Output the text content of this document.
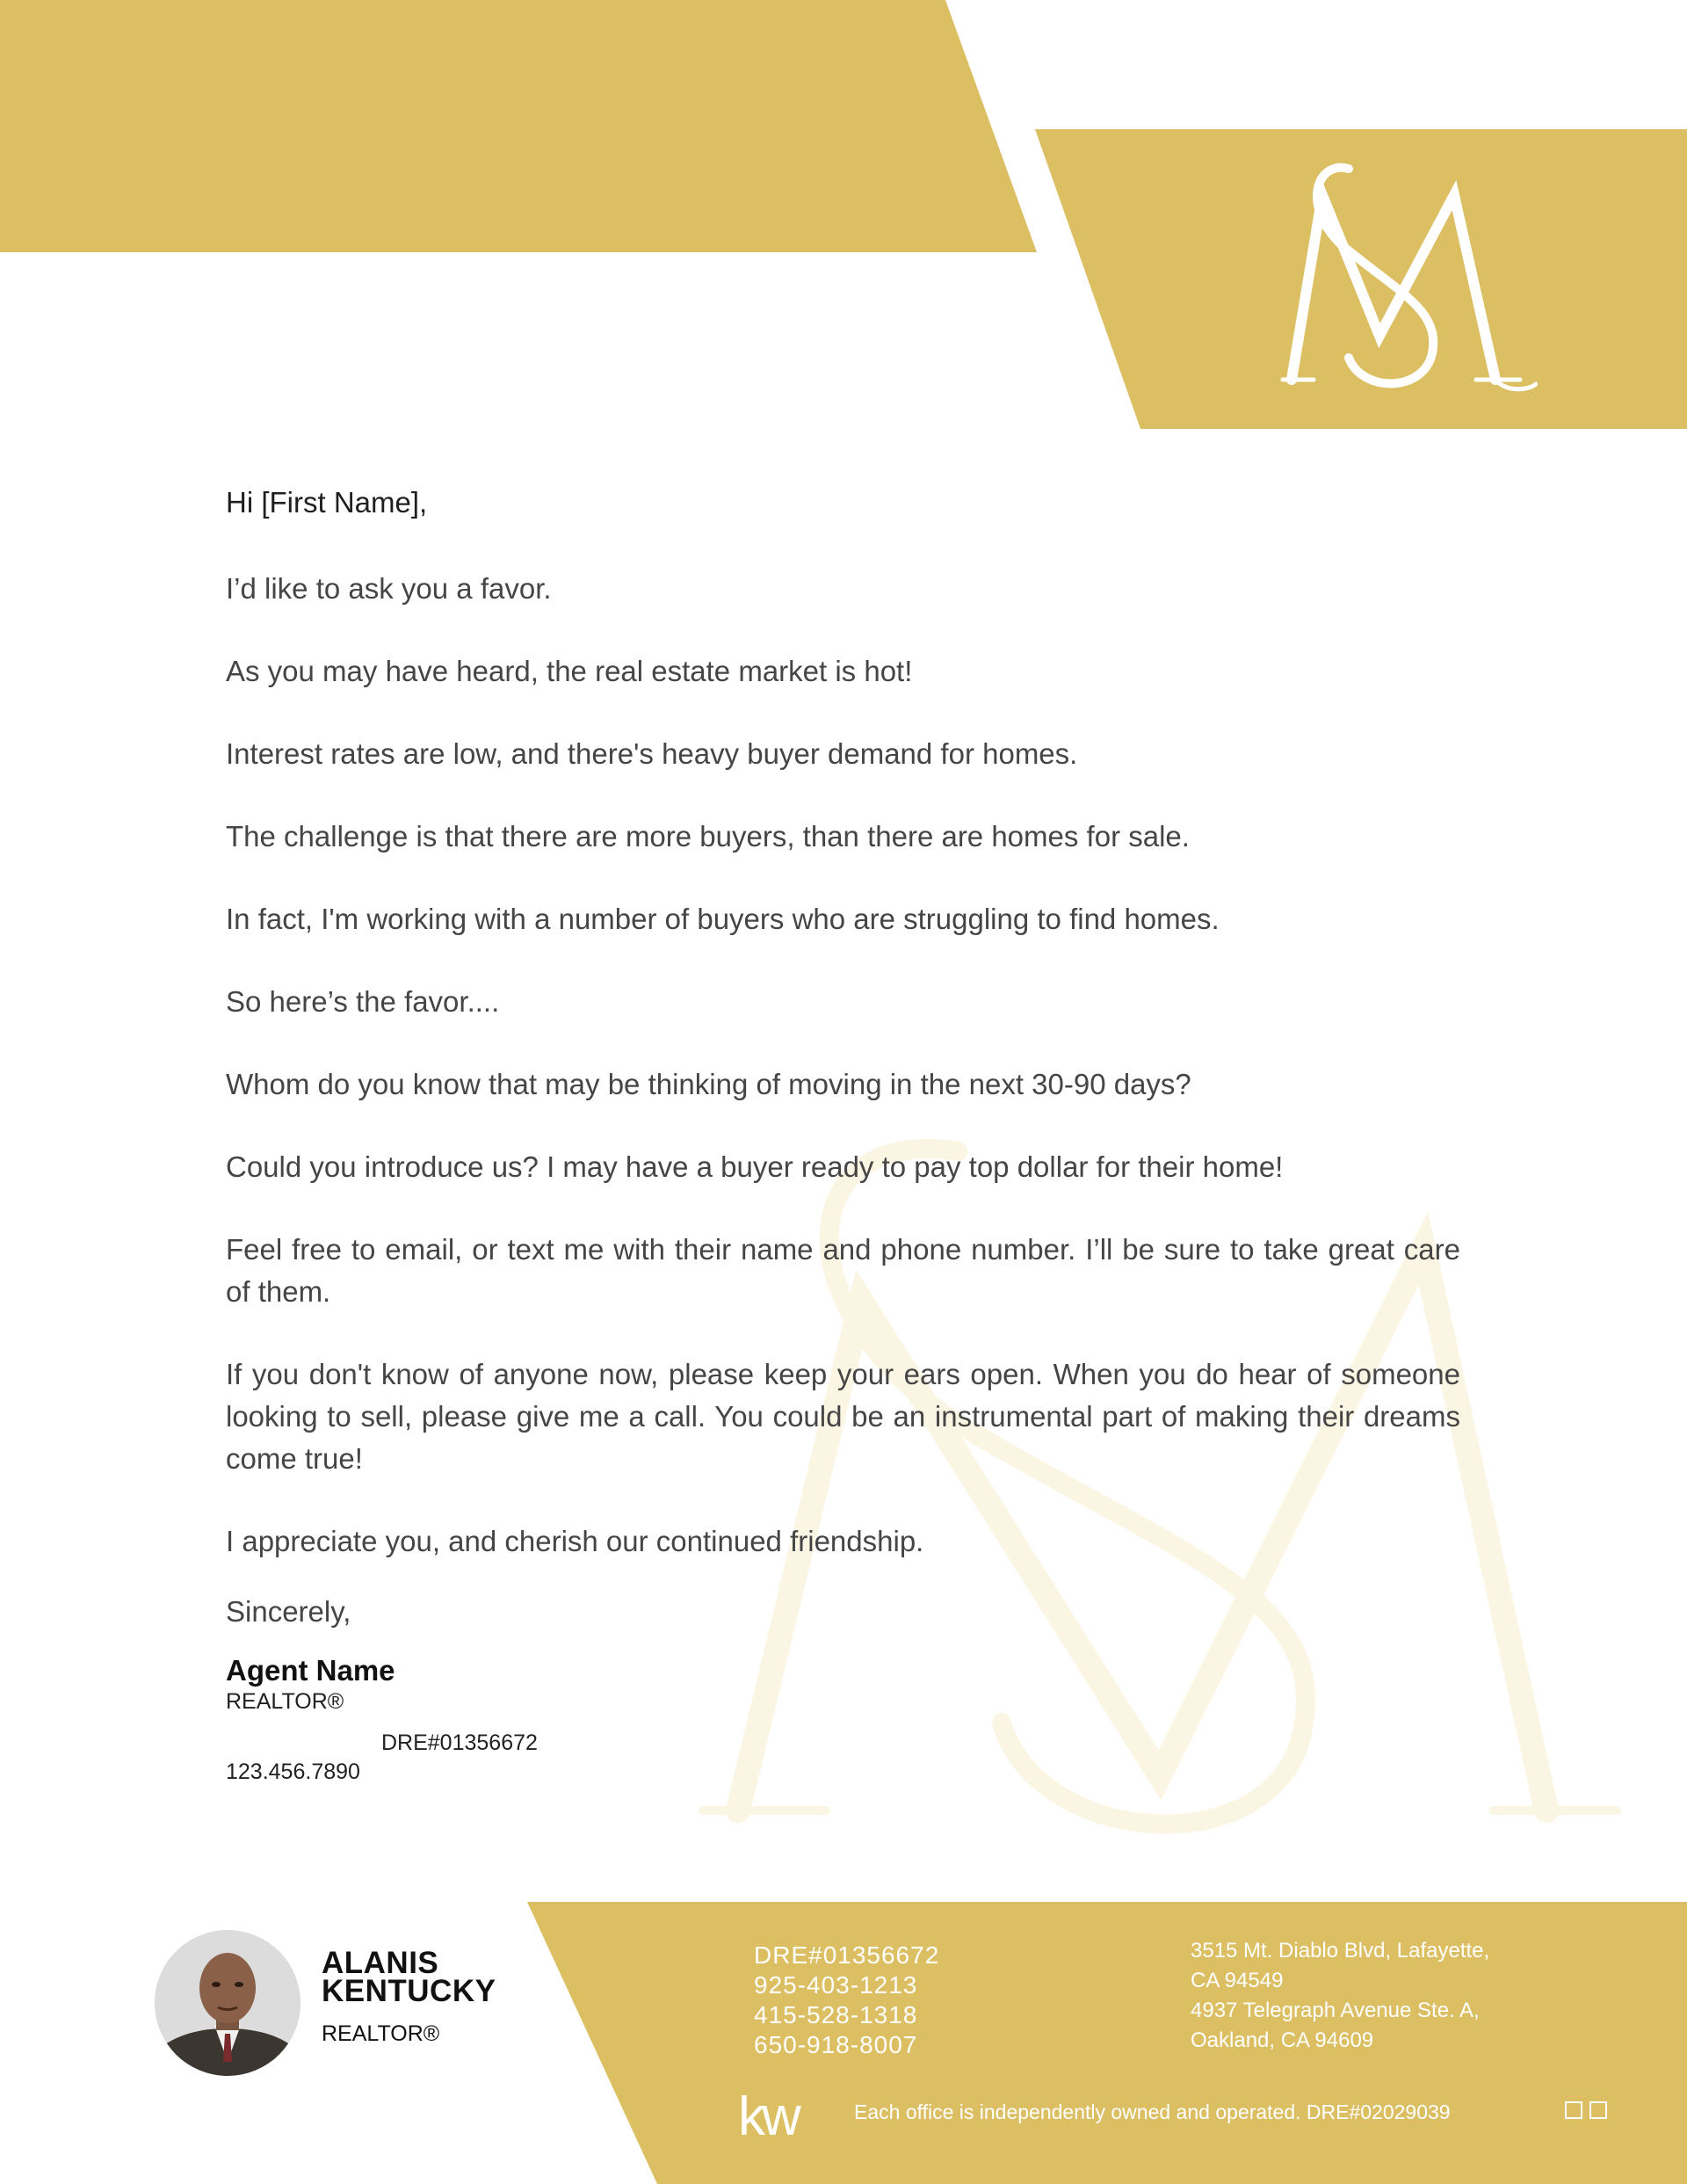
Hi [First Name],

I’d like to ask you a favor.

As you may have heard, the real estate market is hot!

Interest rates are low, and there's heavy buyer demand for homes.

The challenge is that there are more buyers, than there are homes for sale.

In fact, I'm working with a number of buyers who are struggling to find homes.

So here’s the favor....

Whom do you know that may be thinking of moving in the next 30-90 days?

Could you introduce us? I may have a buyer ready to pay top dollar for their home!

Feel free to email, or text me with their name and phone number. I’ll be sure to take great care of them.

If you don't know of anyone now, please keep your ears open. When you do hear of someone looking to sell, please give me a call. You could be an instrumental part of making their dreams come true!

I appreciate you, and cherish our continued friendship.

Sincerely,
Agent Name
REALTOR®
DRE#01356672
123.456.7890
ALANIS
KENTUCKY
REALTOR®
DRE#01356672
925-403-1213
415-528-1318
650-918-8007
3515 Mt. Diablo Blvd, Lafayette,
CA 94549
4937 Telegraph Avenue Ste. A,
Oakland, CA 94609
kw	Each office is independently owned and operated. DRE#02029039
